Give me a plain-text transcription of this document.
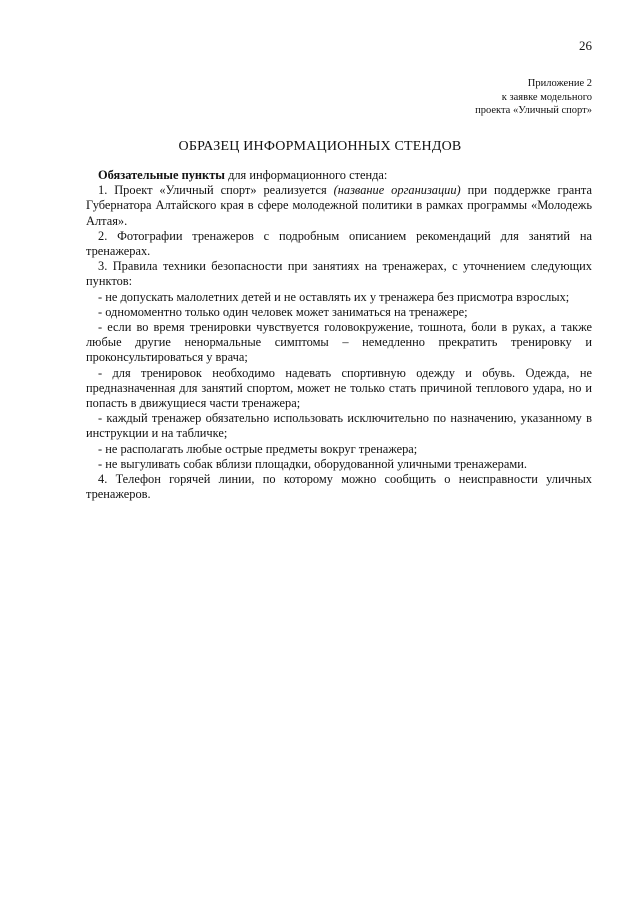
26
Приложение 2
к заявке модельного
проекта «Уличный спорт»
ОБРАЗЕЦ ИНФОРМАЦИОННЫХ СТЕНДОВ

Обязательные пункты для информационного стенда:

1. Проект «Уличный спорт» реализуется (название организации) при поддержке гранта Губернатора Алтайского края в сфере молодежной политики в рамках программы «Молодежь Алтая».

2. Фотографии тренажеров с подробным описанием рекомендаций для занятий на тренажерах.

3. Правила техники безопасности при занятиях на тренажерах, с уточнением следующих пунктов:

- не допускать малолетних детей и не оставлять их у тренажера без присмотра взрослых;

- одномоментно только один человек может заниматься на тренажере;

- если во время тренировки чувствуется головокружение, тошнота, боли в руках, а также любые другие ненормальные симптомы – немедленно прекратить тренировку и проконсультироваться у врача;

- для тренировок необходимо надевать спортивную одежду и обувь. Одежда, не предназначенная для занятий спортом, может не только стать причиной теплового удара, но и попасть в движущиеся части тренажера;

- каждый тренажер обязательно использовать исключительно по назначению, указанному в инструкции и на табличке;

- не располагать любые острые предметы вокруг тренажера;

- не выгуливать собак вблизи площадки, оборудованной уличными тренажерами.

4. Телефон горячей линии, по которому можно сообщить о неисправности уличных тренажеров.
